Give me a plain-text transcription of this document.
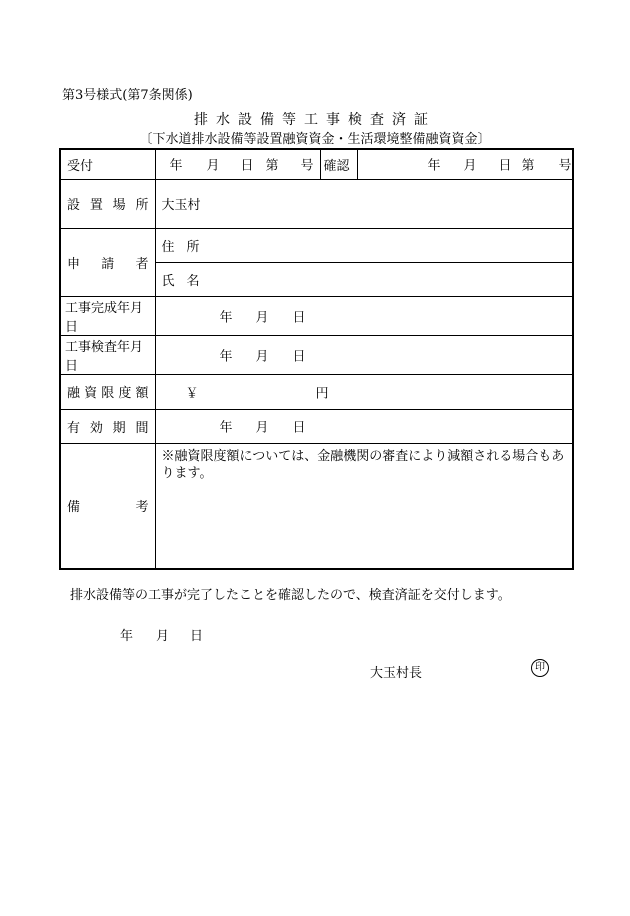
第3号様式(第7条関係)
排水設備等工事検査済証
〔下水道排水設備等設置融資資金・生活環境整備融資資金〕
受付	年 月 日 第 号	確認	年 月 日 第 号

設 置 場 所	大玉村		

申 請 者	住所		
	氏名		
工事完成年月日	年 月 日		

工事検査年月日	年 月 日		

融 資 限 度 額	￥ 円		

有 効 期 間	年 月 日		

備 考	※融資限度額については、金融機関の審査により減額される場合もあります。		
排水設備等の工事が完了したことを確認したので、検査済証を交付します。
年 月 日
大玉村長	印
